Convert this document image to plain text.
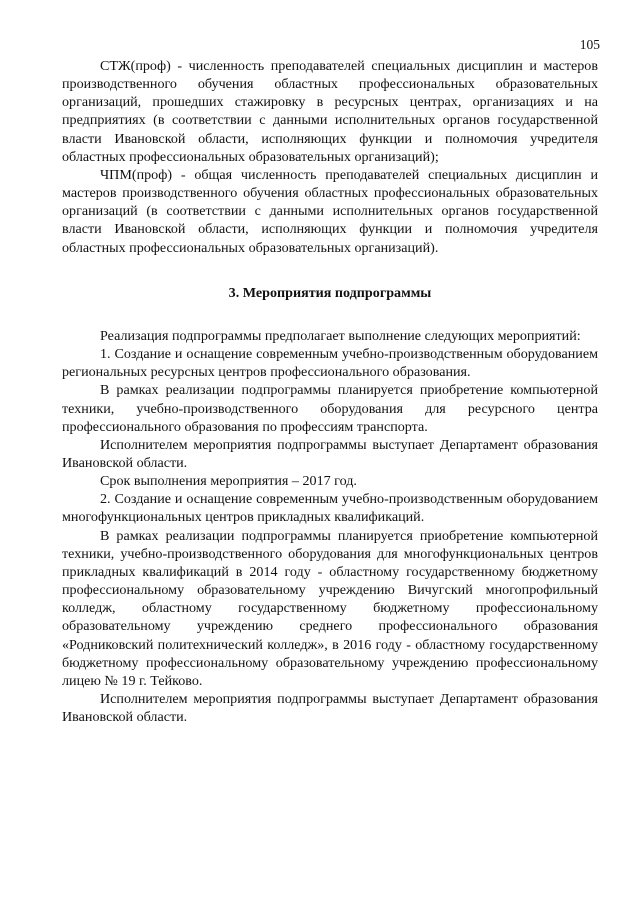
105

СТЖ(проф) - численность преподавателей специальных дисциплин и мастеров производственного обучения областных профессиональных образовательных организаций, прошедших стажировку в ресурсных центрах, организациях и на предприятиях (в соответствии с данными исполнительных органов государственной власти Ивановской области, исполняющих функции и полномочия учредителя областных профессиональных образовательных организаций);

ЧПМ(проф) - общая численность преподавателей специальных дисциплин и мастеров производственного обучения областных профессиональных образовательных организаций (в соответствии с данными исполнительных органов государственной власти Ивановской области, исполняющих функции и полномочия учредителя областных профессиональных образовательных организаций).

3. Мероприятия подпрограммы

Реализация подпрограммы предполагает выполнение следующих мероприятий:

1. Создание и оснащение современным учебно-производственным оборудованием региональных ресурсных центров профессионального образования.

В рамках реализации подпрограммы планируется приобретение компьютерной техники, учебно-производственного оборудования для ресурсного центра профессионального образования по профессиям транспорта.

Исполнителем мероприятия подпрограммы выступает Департамент образования Ивановской области.

Срок выполнения мероприятия – 2017 год.

2. Создание и оснащение современным учебно-производственным оборудованием многофункциональных центров прикладных квалификаций.

В рамках реализации подпрограммы планируется приобретение компьютерной техники, учебно-производственного оборудования для многофункциональных центров прикладных квалификаций в 2014 году - областному государственному бюджетному профессиональному образовательному учреждению Вичугский многопрофильный колледж, областному государственному бюджетному профессиональному образовательному учреждению среднего профессионального образования «Родниковский политехнический колледж», в 2016 году - областному государственному бюджетному профессиональному образовательному учреждению профессиональному лицею № 19 г. Тейково.

Исполнителем мероприятия подпрограммы выступает Департамент образования Ивановской области.
